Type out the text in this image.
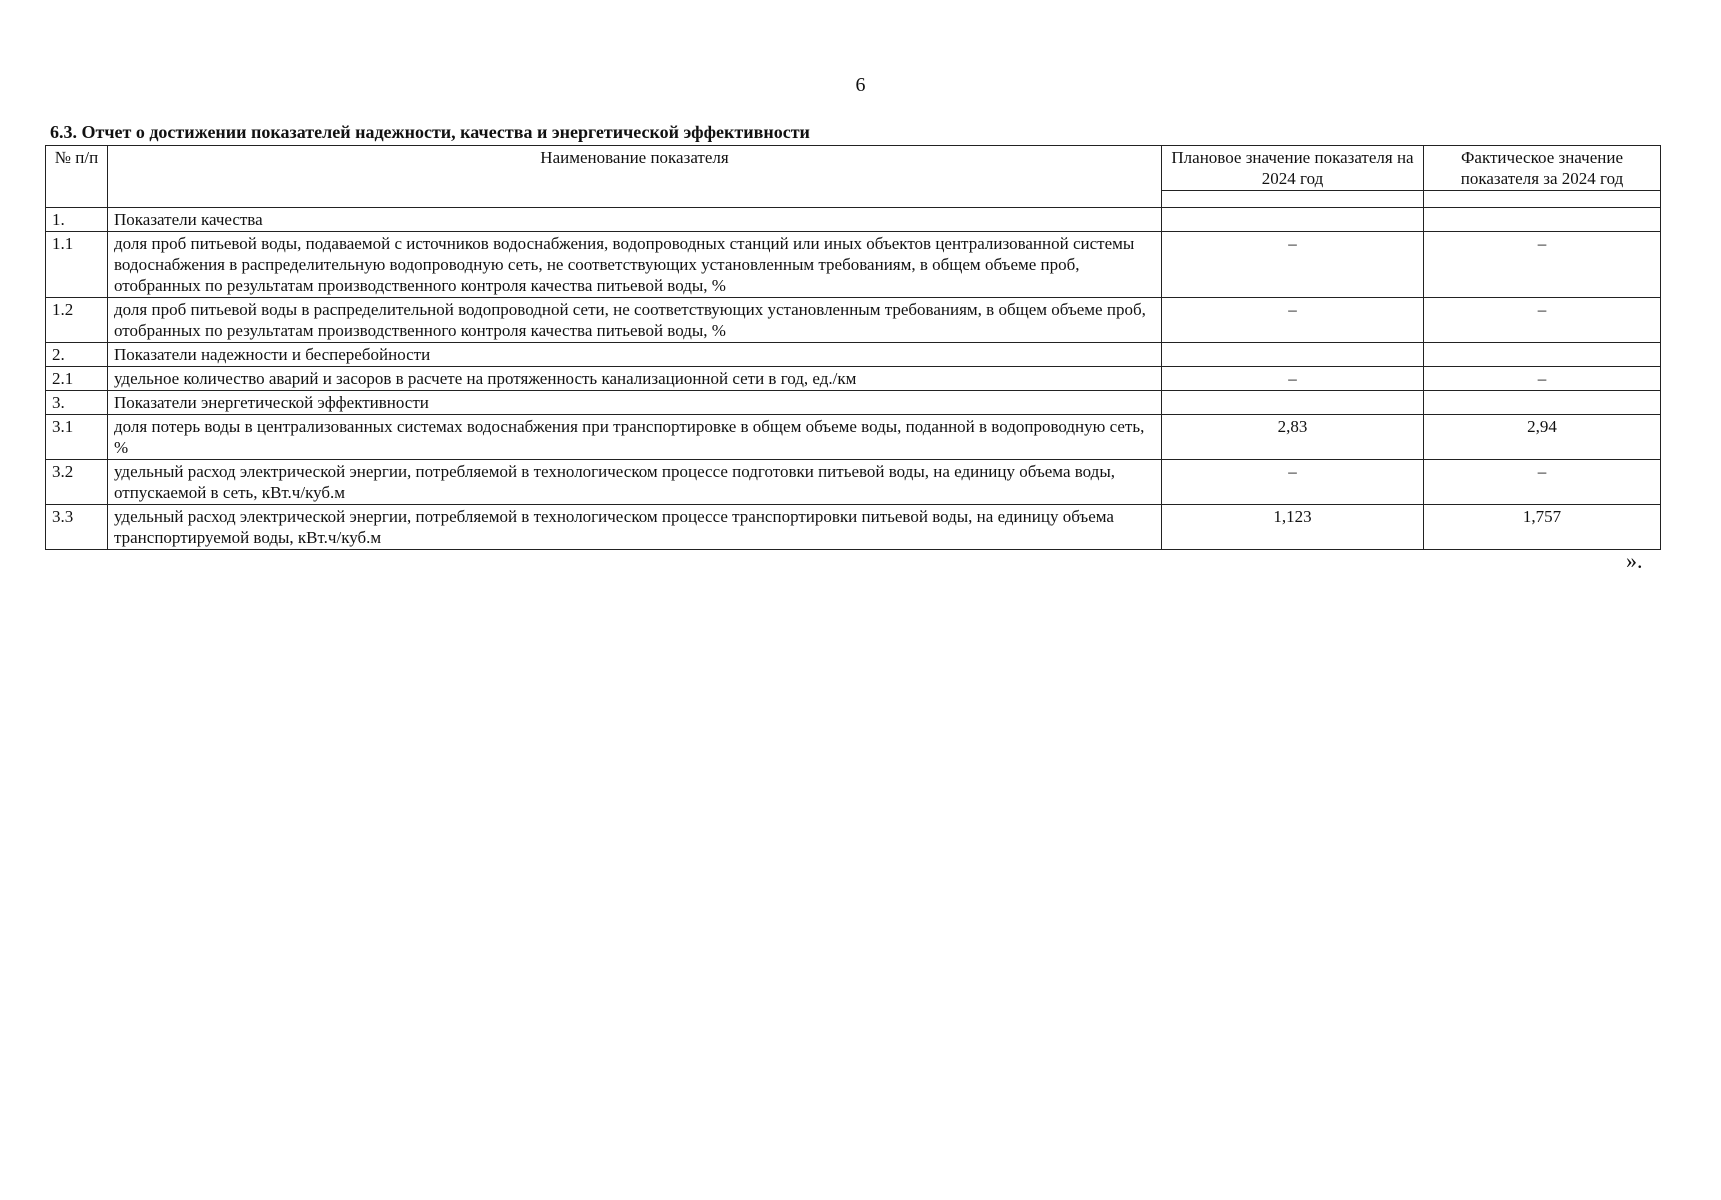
6
6.3. Отчет о достижении показателей надежности, качества и энергетической эффективности
№ п/п	Наименование показателя	Плановое значение показателя на 2024 год	Фактическое значение показателя за 2024 год

1.	Показатели качества		
1.1	доля проб питьевой воды, подаваемой с источников водоснабжения, водопроводных станций или иных объектов централизованной системы водоснабжения в распределительную водопроводную сеть, не соответствующих установленным требованиям, в общем объеме проб, отобранных по результатам производственного контроля качества питьевой воды, %	–	–
1.2	доля проб питьевой воды в распределительной водопроводной сети, не соответствующих установленным требованиям, в общем объеме проб, отобранных по результатам производственного контроля качества питьевой воды, %	–	–
2.	Показатели надежности и бесперебойности		
2.1	удельное количество аварий и засоров в расчете на протяженность канализационной сети в год, ед./км	–	–
3.	Показатели энергетической эффективности		
3.1	доля потерь воды в централизованных системах водоснабжения при транспортировке в общем объеме воды, поданной в водопроводную сеть, %	2,83	2,94
3.2	удельный расход электрической энергии, потребляемой в технологическом процессе подготовки питьевой воды, на единицу объема воды, отпускаемой в сеть, кВт.ч/куб.м	–	–
3.3	удельный расход электрической энергии, потребляемой в технологическом процессе транспортировки питьевой воды, на единицу объема транспортируемой воды, кВт.ч/куб.м	1,123	1,757
».
